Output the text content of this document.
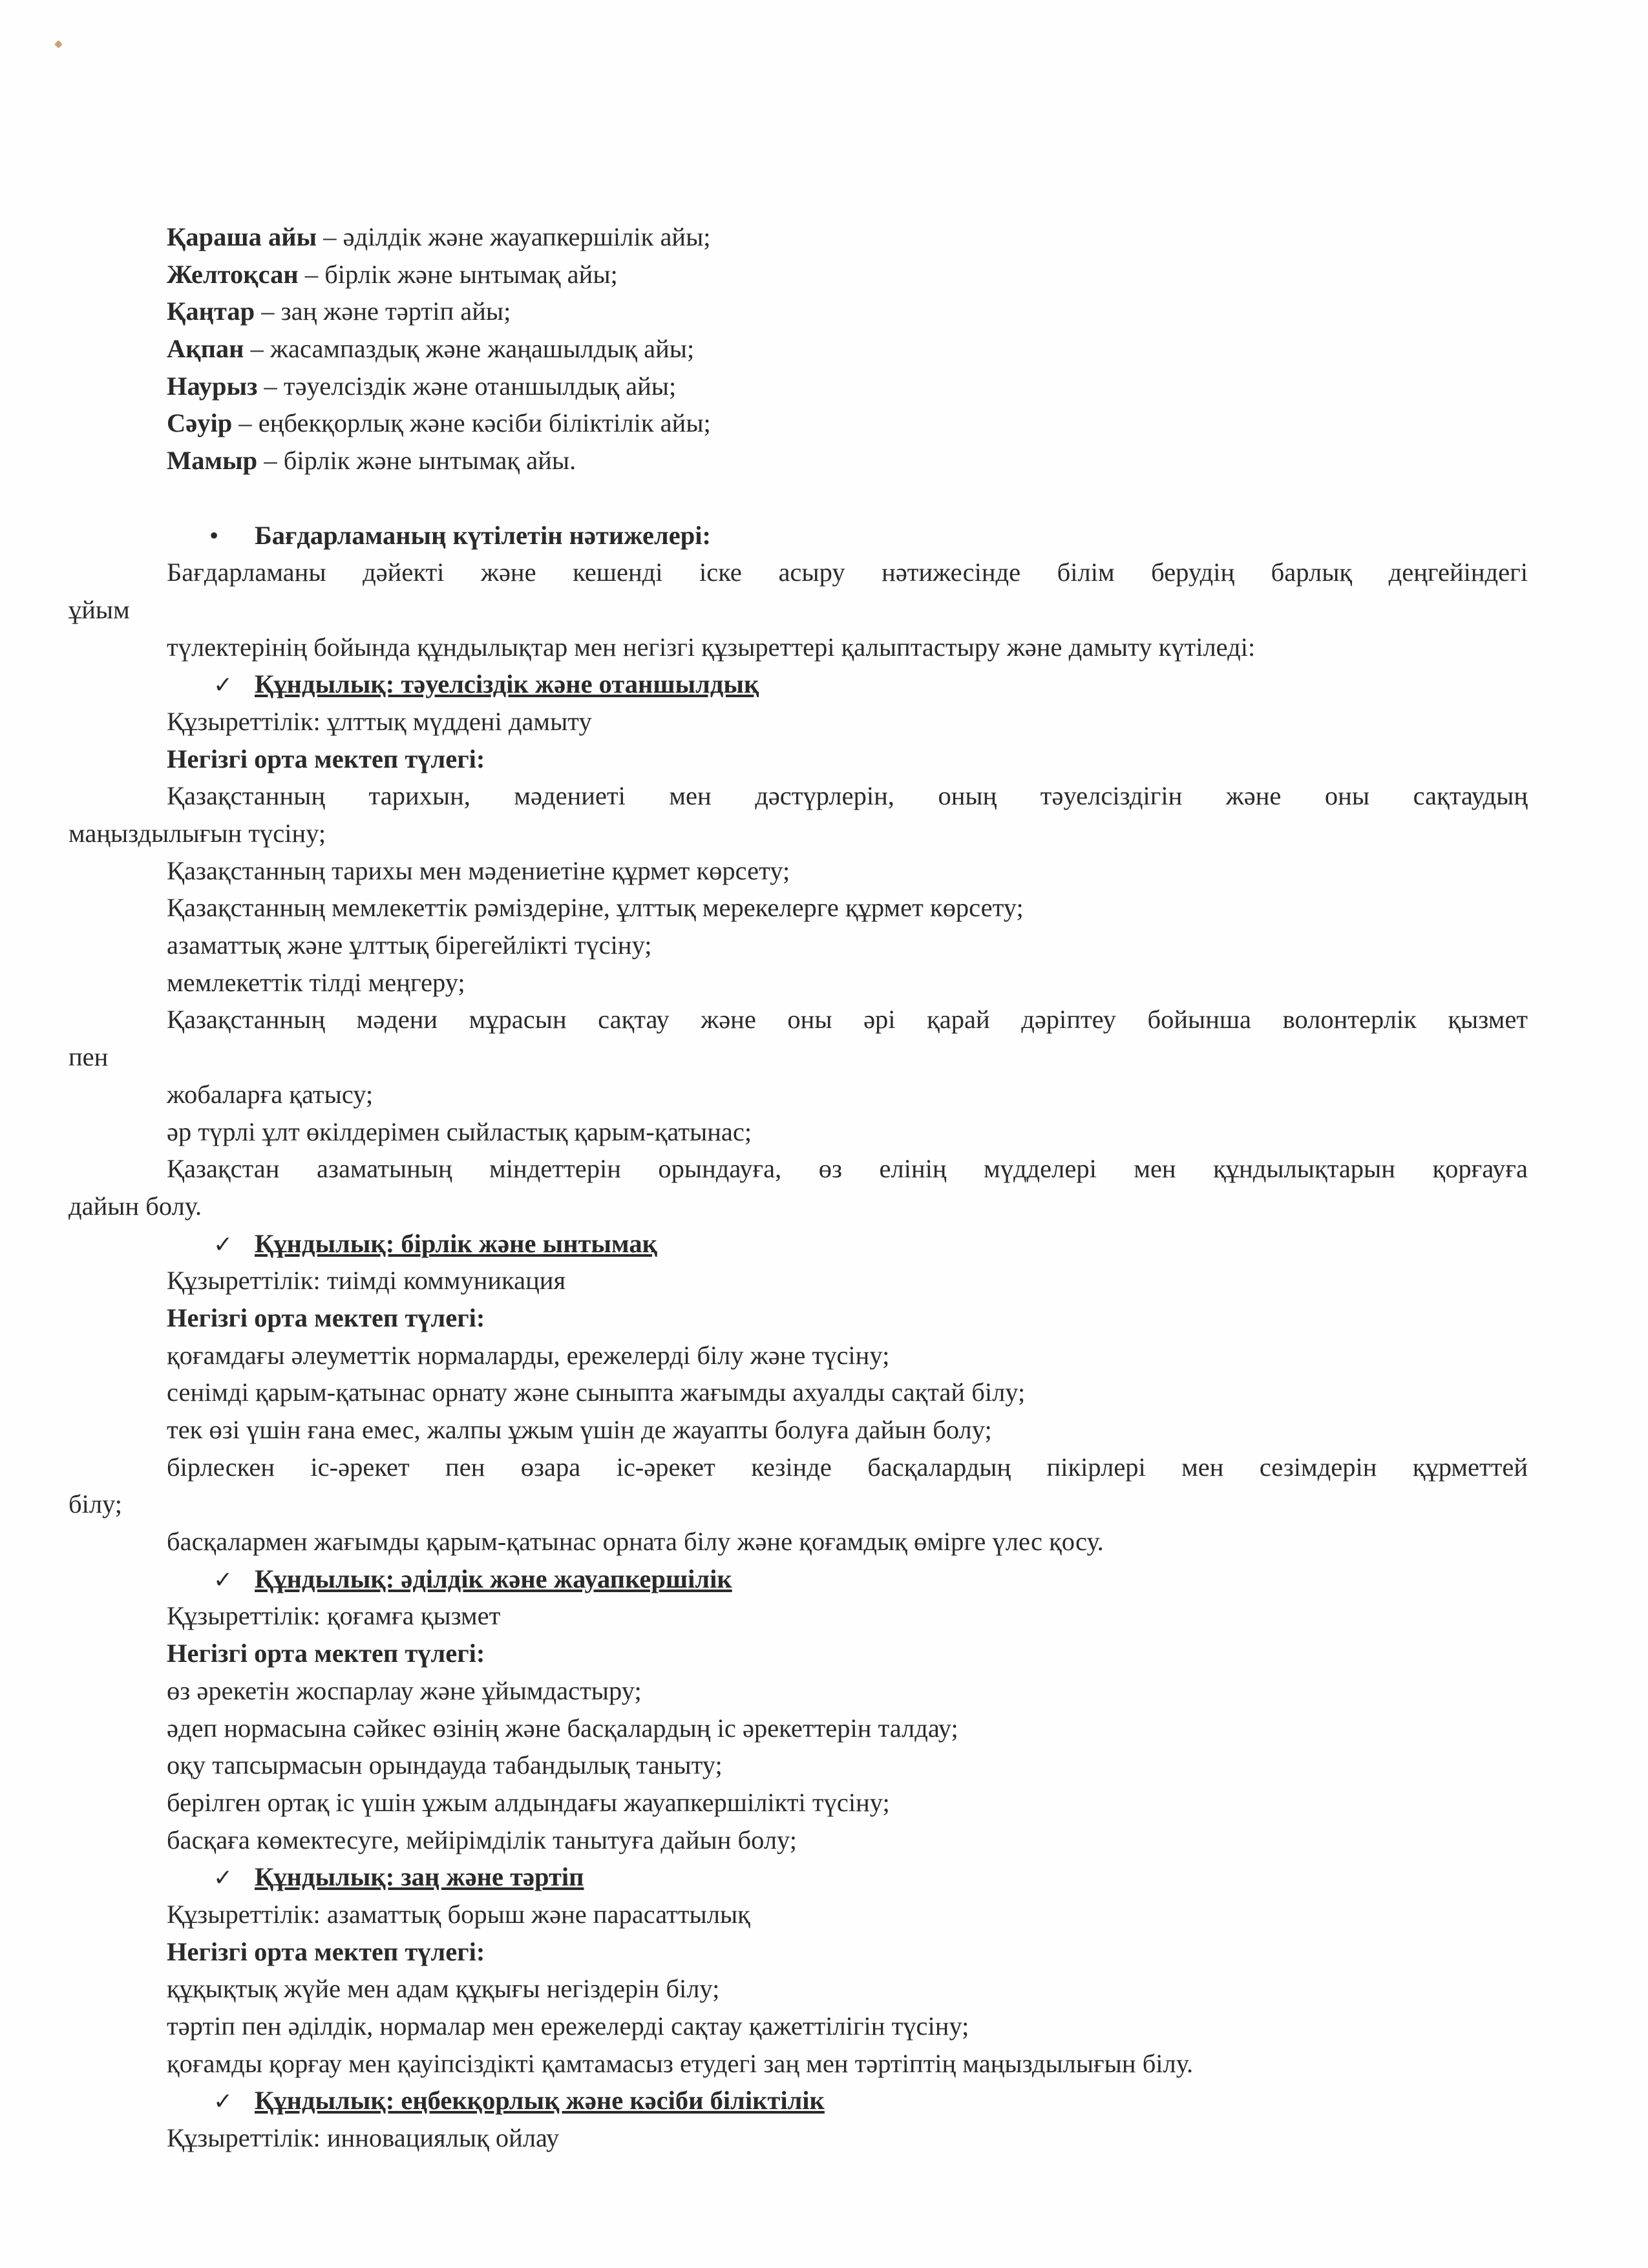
Қараша айы – әділдік және жауапкершілік айы;
Желтоқсан – бірлік және ынтымақ айы;
Қаңтар – заң және тәртіп айы;
Ақпан – жасампаздық және жаңашылдық айы;
Наурыз – тәуелсіздік және отаншылдық айы;
Сәуір – еңбекқорлық және кәсіби біліктілік айы;
Мамыр – бірлік және ынтымақ айы.
• Бағдарламаның күтілетін нәтижелері:
Бағдарламаны дәйекті және кешенді іске асыру нәтижесінде білім берудің барлық деңгейіндегі
ұйым
түлектерінің бойында құндылықтар мен негізгі құзыреттері қалыптастыру және дамыту күтіледі:
✓ Құндылық: тәуелсіздік және отаншылдық
Құзыреттілік: ұлттық мүддені дамыту
Негізгі орта мектеп түлегі:
Қазақстанның тарихын, мәдениеті мен дәстүрлерін, оның тәуелсіздігін және оны сақтаудың
маңыздылығын түсіну;
Қазақстанның тарихы мен мәдениетіне құрмет көрсету;
Қазақстанның мемлекеттік рәміздеріне, ұлттық мерекелерге құрмет көрсету;
азаматтық және ұлттық бірегейлікті түсіну;
мемлекеттік тілді меңгеру;
Қазақстанның мәдени мұрасын сақтау және оны әрі қарай дәріптеу бойынша волонтерлік қызмет
пен
жобаларға қатысу;
әр түрлі ұлт өкілдерімен сыйластық қарым-қатынас;
Қазақстан азаматының міндеттерін орындауға, өз елінің мүдделері мен құндылықтарын қорғауға
дайын болу.
✓ Құндылық: бірлік және ынтымақ
Құзыреттілік: тиімді коммуникация
Негізгі орта мектеп түлегі:
қоғамдағы әлеуметтік нормаларды, ережелерді білу және түсіну;
сенімді қарым-қатынас орнату және сыныпта жағымды ахуалды сақтай білу;
тек өзі үшін ғана емес, жалпы ұжым үшін де жауапты болуға дайын болу;
бірлескен іс-әрекет пен өзара іс-әрекет кезінде басқалардың пікірлері мен сезімдерін құрметтей
білу;
басқалармен жағымды қарым-қатынас орната білу және қоғамдық өмірге үлес қосу.
✓ Құндылық: әділдік және жауапкершілік
Құзыреттілік: қоғамға қызмет
Негізгі орта мектеп түлегі:
өз әрекетін жоспарлау және ұйымдастыру;
әдеп нормасына сәйкес өзінің және басқалардың іс әрекеттерін талдау;
оқу тапсырмасын орындауда табандылық таныту;
берілген ортақ іс үшін ұжым алдындағы жауапкершілікті түсіну;
басқаға көмектесуге, мейірімділік танытуға дайын болу;
✓ Құндылық: заң және тәртіп
Құзыреттілік: азаматтық борыш және парасаттылық
Негізгі орта мектеп түлегі:
құқықтық жүйе мен адам құқығы негіздерін білу;
тәртіп пен әділдік, нормалар мен ережелерді сақтау қажеттілігін түсіну;
қоғамды қорғау мен қауіпсіздікті қамтамасыз етудегі заң мен тәртіптің маңыздылығын білу.
✓ Құндылық: еңбекқорлық және кәсіби біліктілік
Құзыреттілік: инновациялық ойлау
